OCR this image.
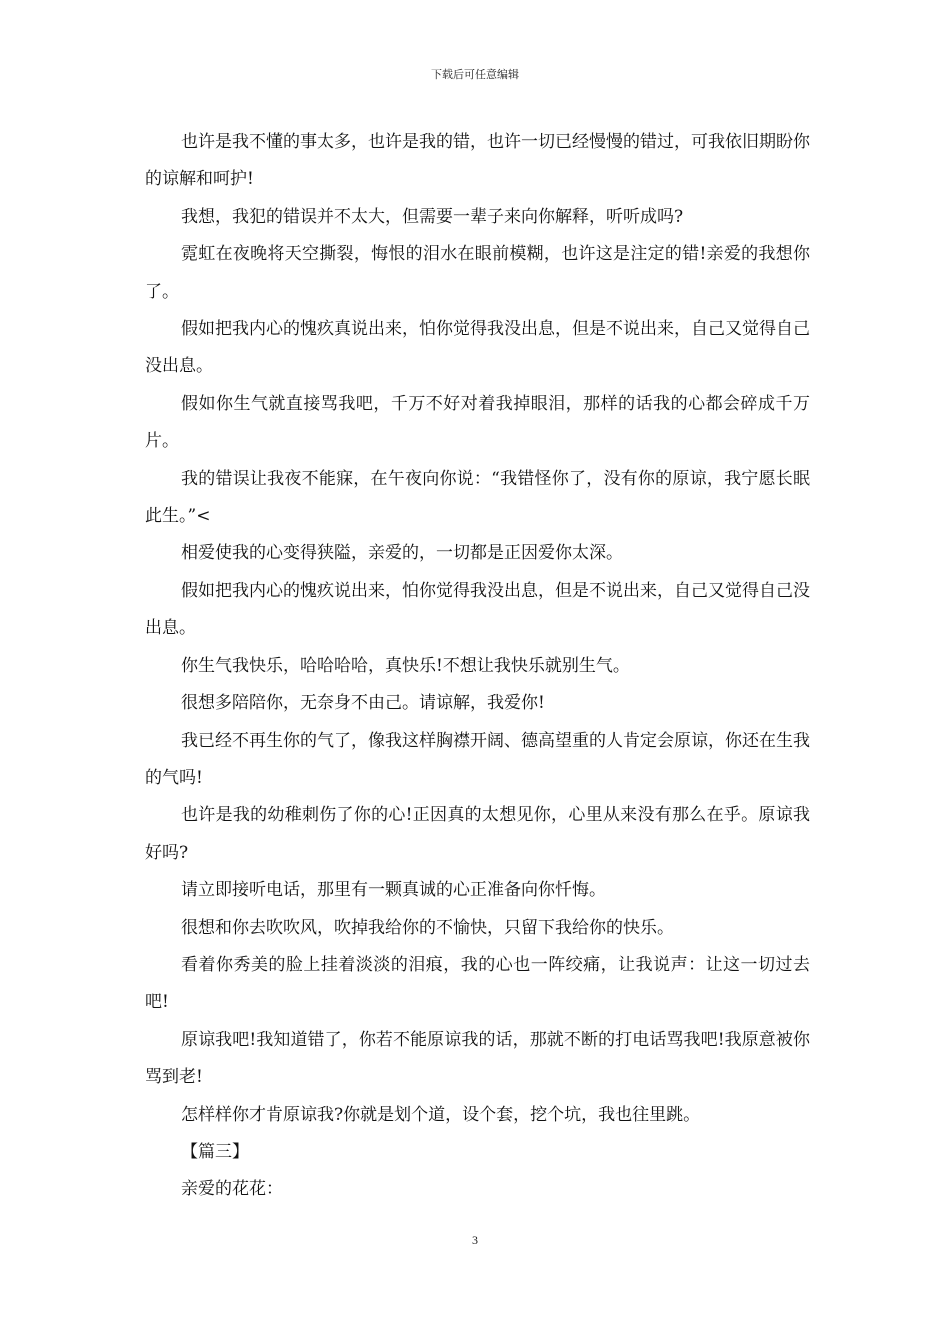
下载后可任意编辑

也许是我不懂的事太多，也许是我的错，也许一切已经慢慢的错过，可我依旧期盼你的谅解和呵护!

我想，我犯的错误并不太大，但需要一辈子来向你解释，听听成吗?

霓虹在夜晚将天空撕裂，悔恨的泪水在眼前模糊，也许这是注定的错!亲爱的我想你了。

假如把我内心的愧疚真说出来，怕你觉得我没出息，但是不说出来，自己又觉得自己没出息。

假如你生气就直接骂我吧，千万不好对着我掉眼泪，那样的话我的心都会碎成千万片。

我的错误让我夜不能寐，在午夜向你说：“我错怪你了，没有你的原谅，我宁愿长眠此生。”<

相爱使我的心变得狭隘，亲爱的，一切都是正因爱你太深。

假如把我内心的愧疚说出来，怕你觉得我没出息，但是不说出来，自己又觉得自己没出息。

你生气我快乐，哈哈哈哈，真快乐!不想让我快乐就别生气。

很想多陪陪你，无奈身不由己。请谅解，我爱你!

我已经不再生你的气了，像我这样胸襟开阔、德高望重的人肯定会原谅，你还在生我的气吗!

也许是我的幼稚刺伤了你的心!正因真的太想见你，心里从来没有那么在乎。原谅我好吗?

请立即接听电话，那里有一颗真诚的心正准备向你忏悔。

很想和你去吹吹风，吹掉我给你的不愉快，只留下我给你的快乐。

看着你秀美的脸上挂着淡淡的泪痕，我的心也一阵绞痛，让我说声：让这一切过去吧!

原谅我吧!我知道错了，你若不能原谅我的话，那就不断的打电话骂我吧!我原意被你骂到老!

怎样样你才肯原谅我?你就是划个道，设个套，挖个坑，我也往里跳。

【篇三】

亲爱的花花：

3
